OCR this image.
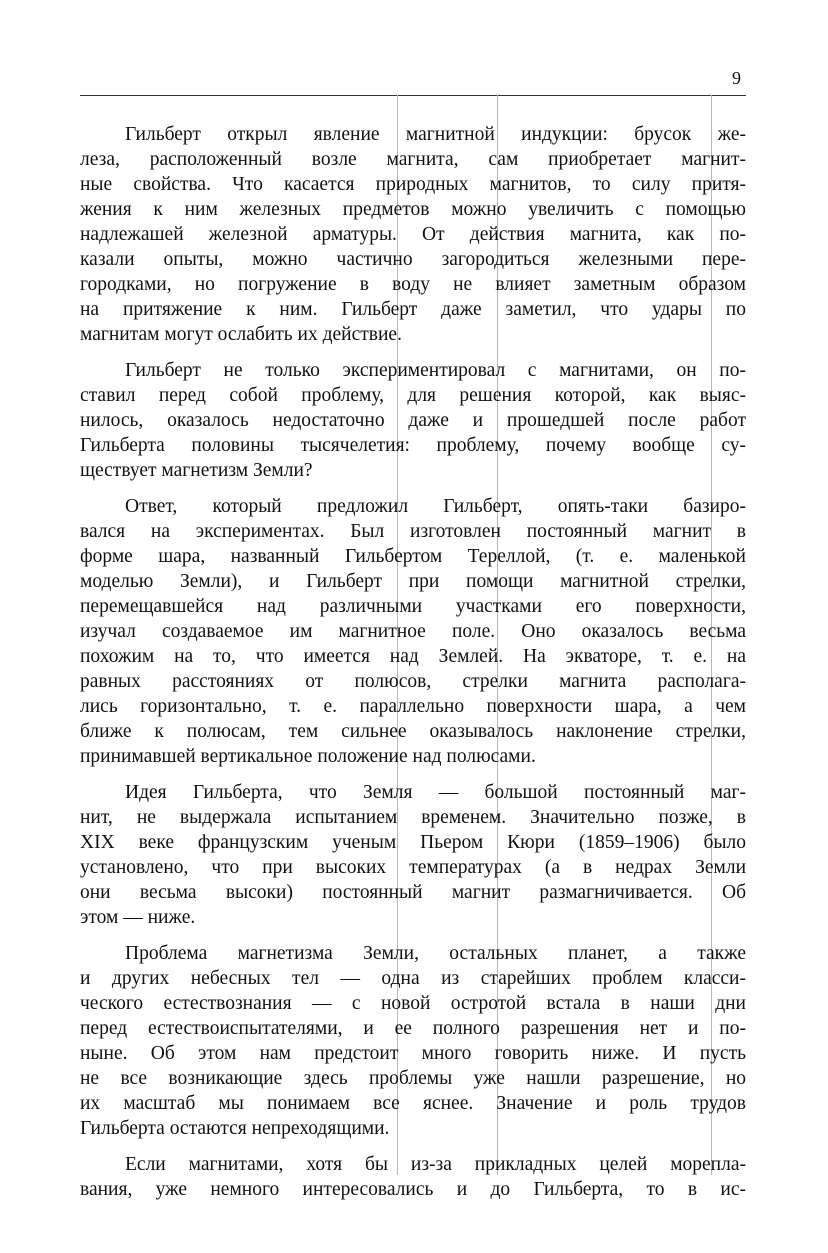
9
Гильберт открыл явление магнитной индукции: брусок же-
леза, расположенный возле магнита, сам приобретает магнит-
ные свойства. Что касается природных магнитов, то силу притя-
жения к ним железных предметов можно увеличить с помощью
надлежашей железной арматуры. От действия магнита, как по-
казали опыты, можно частично загородиться железными пере-
городками, но погружение в воду не влияет заметным образом
на притяжение к ним. Гильберт даже заметил, что удары по
магнитам могут ослабить их действие.
Гильберт не только экспериментировал с магнитами, он по-
ставил перед собой проблему, для решения которой, как выяс-
нилось, оказалось недостаточно даже и прошедшей после работ
Гильберта половины тысячелетия: проблему, почему вообще су-
ществует магнетизм Земли?
Ответ, который предложил Гильберт, опять-таки базиро-
вался на экспериментах. Был изготовлен постоянный магнит в
форме шара, названный Гильбертом Тереллой, (т. е. маленькой
моделью Земли), и Гильберт при помощи магнитной стрелки,
перемещавшейся над различными участками его поверхности,
изучал создаваемое им магнитное поле. Оно оказалось весьма
похожим на то, что имеется над Землей. На экваторе, т. е. на
равных расстояниях от полюсов, стрелки магнита располага-
лись горизонтально, т. е. параллельно поверхности шара, а чем
ближе к полюсам, тем сильнее оказывалось наклонение стрелки,
принимавшей вертикальное положение над полюсами.
Идея Гильберта, что Земля — большой постоянный маг-
нит, не выдержала испытанием временем. Значительно позже, в
XIX веке французским ученым Пьером Кюри (1859–1906) было
установлено, что при высоких температурах (а в недрах Земли
они весьма высоки) постоянный магнит размагничивается. Об
этом — ниже.
Проблема магнетизма Земли, остальных планет, а также
и других небесных тел — одна из старейших проблем класси-
ческого естествознания — с новой остротой встала в наши дни
перед естествоиспытателями, и ее полного разрешения нет и по-
ныне. Об этом нам предстоит много говорить ниже. И пусть
не все возникающие здесь проблемы уже нашли разрешение, но
их масштаб мы понимаем все яснее. Значение и роль трудов
Гильберта остаются непреходящими.
Если магнитами, хотя бы из-за прикладных целей морепла-
вания, уже немного интересовались и до Гильберта, то в ис-
